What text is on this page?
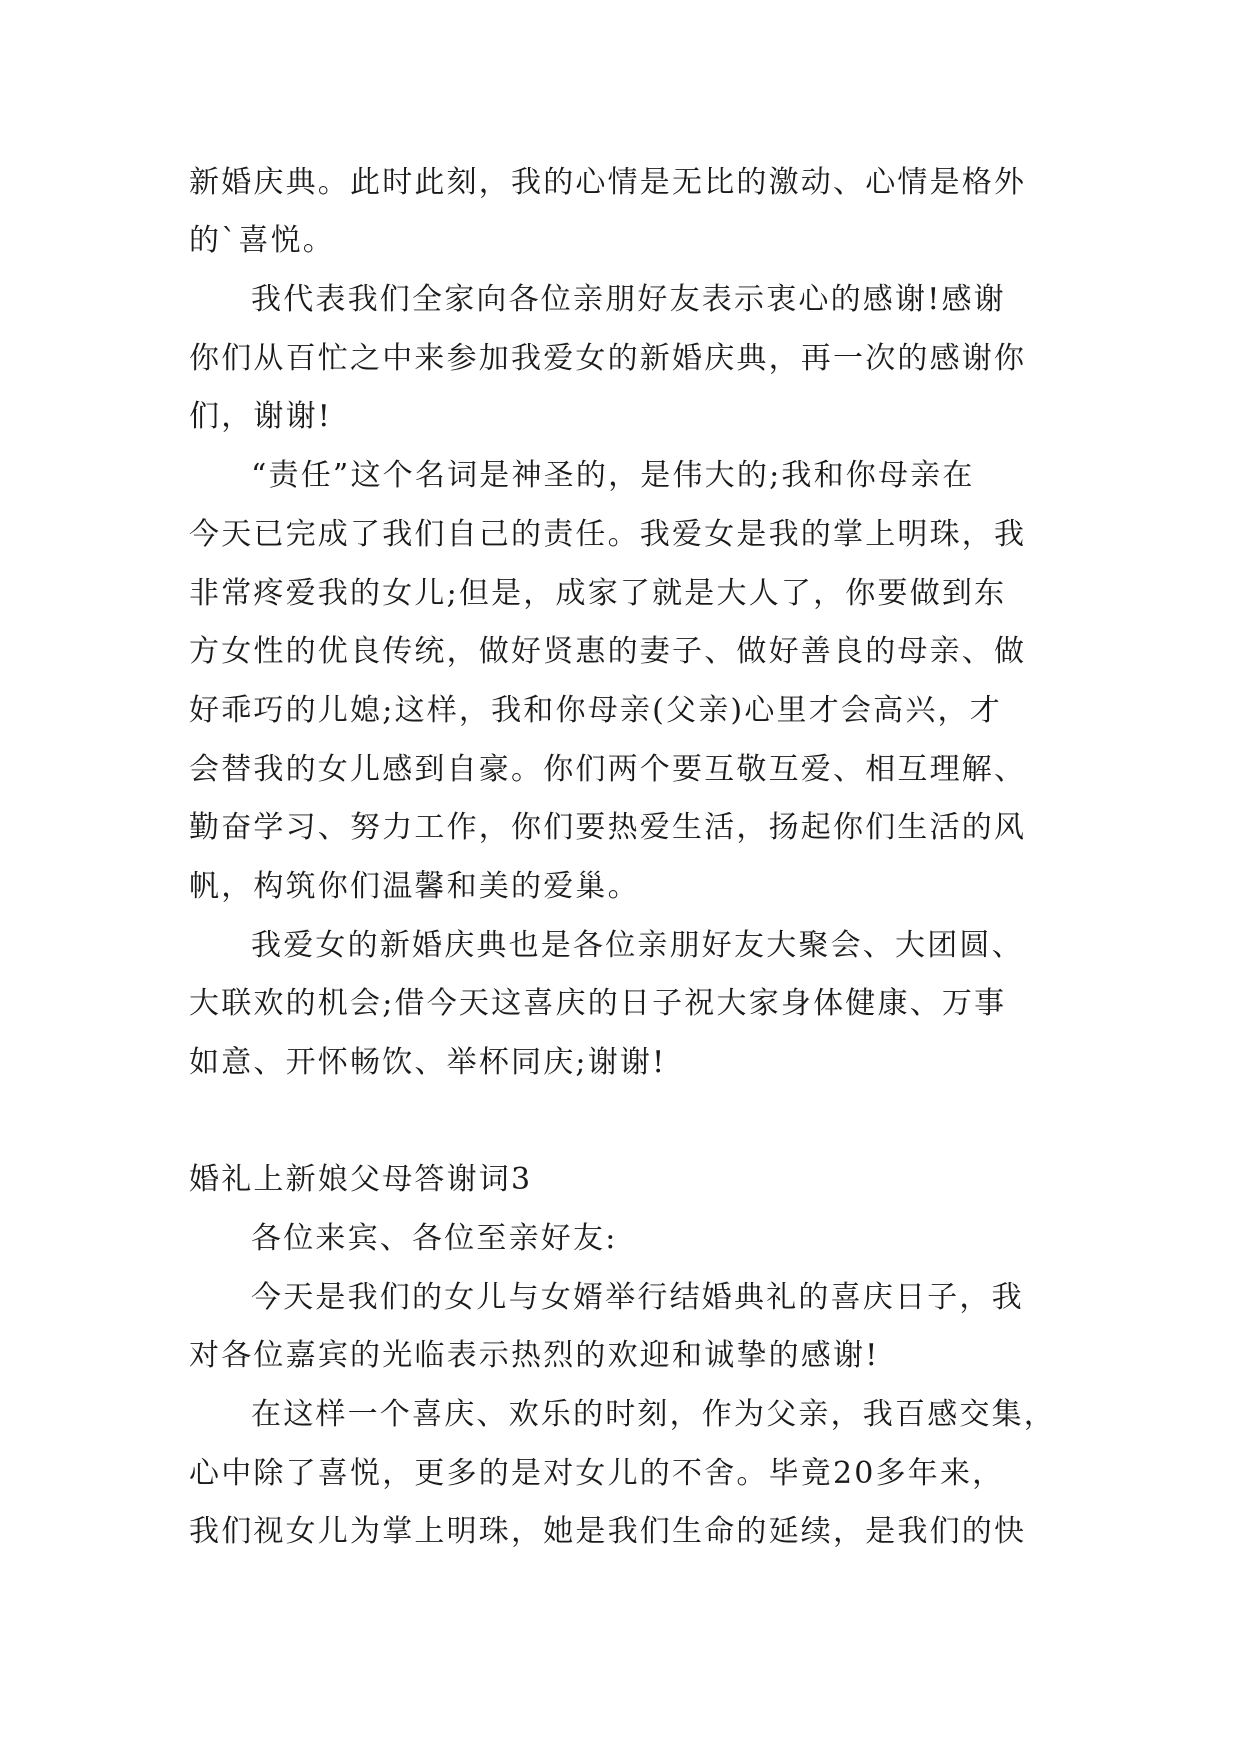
新婚庆典。此时此刻，我的心情是无比的激动、心情是格外

的`喜悦。

我代表我们全家向各位亲朋好友表示衷心的感谢!感谢

你们从百忙之中来参加我爱女的新婚庆典，再一次的感谢你

们，谢谢!

“责任”这个名词是神圣的，是伟大的;我和你母亲在

今天已完成了我们自己的责任。我爱女是我的掌上明珠，我

非常疼爱我的女儿;但是，成家了就是大人了，你要做到东

方女性的优良传统，做好贤惠的妻子、做好善良的母亲、做

好乖巧的儿媳;这样，我和你母亲(父亲)心里才会高兴，才

会替我的女儿感到自豪。你们两个要互敬互爱、相互理解、

勤奋学习、努力工作，你们要热爱生活，扬起你们生活的风

帆，构筑你们温馨和美的爱巢。

我爱女的新婚庆典也是各位亲朋好友大聚会、大团圆、

大联欢的机会;借今天这喜庆的日子祝大家身体健康、万事

如意、开怀畅饮、举杯同庆;谢谢!

婚礼上新娘父母答谢词3

各位来宾、各位至亲好友:

今天是我们的女儿与女婿举行结婚典礼的喜庆日子，我

对各位嘉宾的光临表示热烈的欢迎和诚挚的感谢!

在这样一个喜庆、欢乐的时刻，作为父亲，我百感交集，

心中除了喜悦，更多的是对女儿的不舍。毕竟20多年来，

我们视女儿为掌上明珠，她是我们生命的延续，是我们的快
